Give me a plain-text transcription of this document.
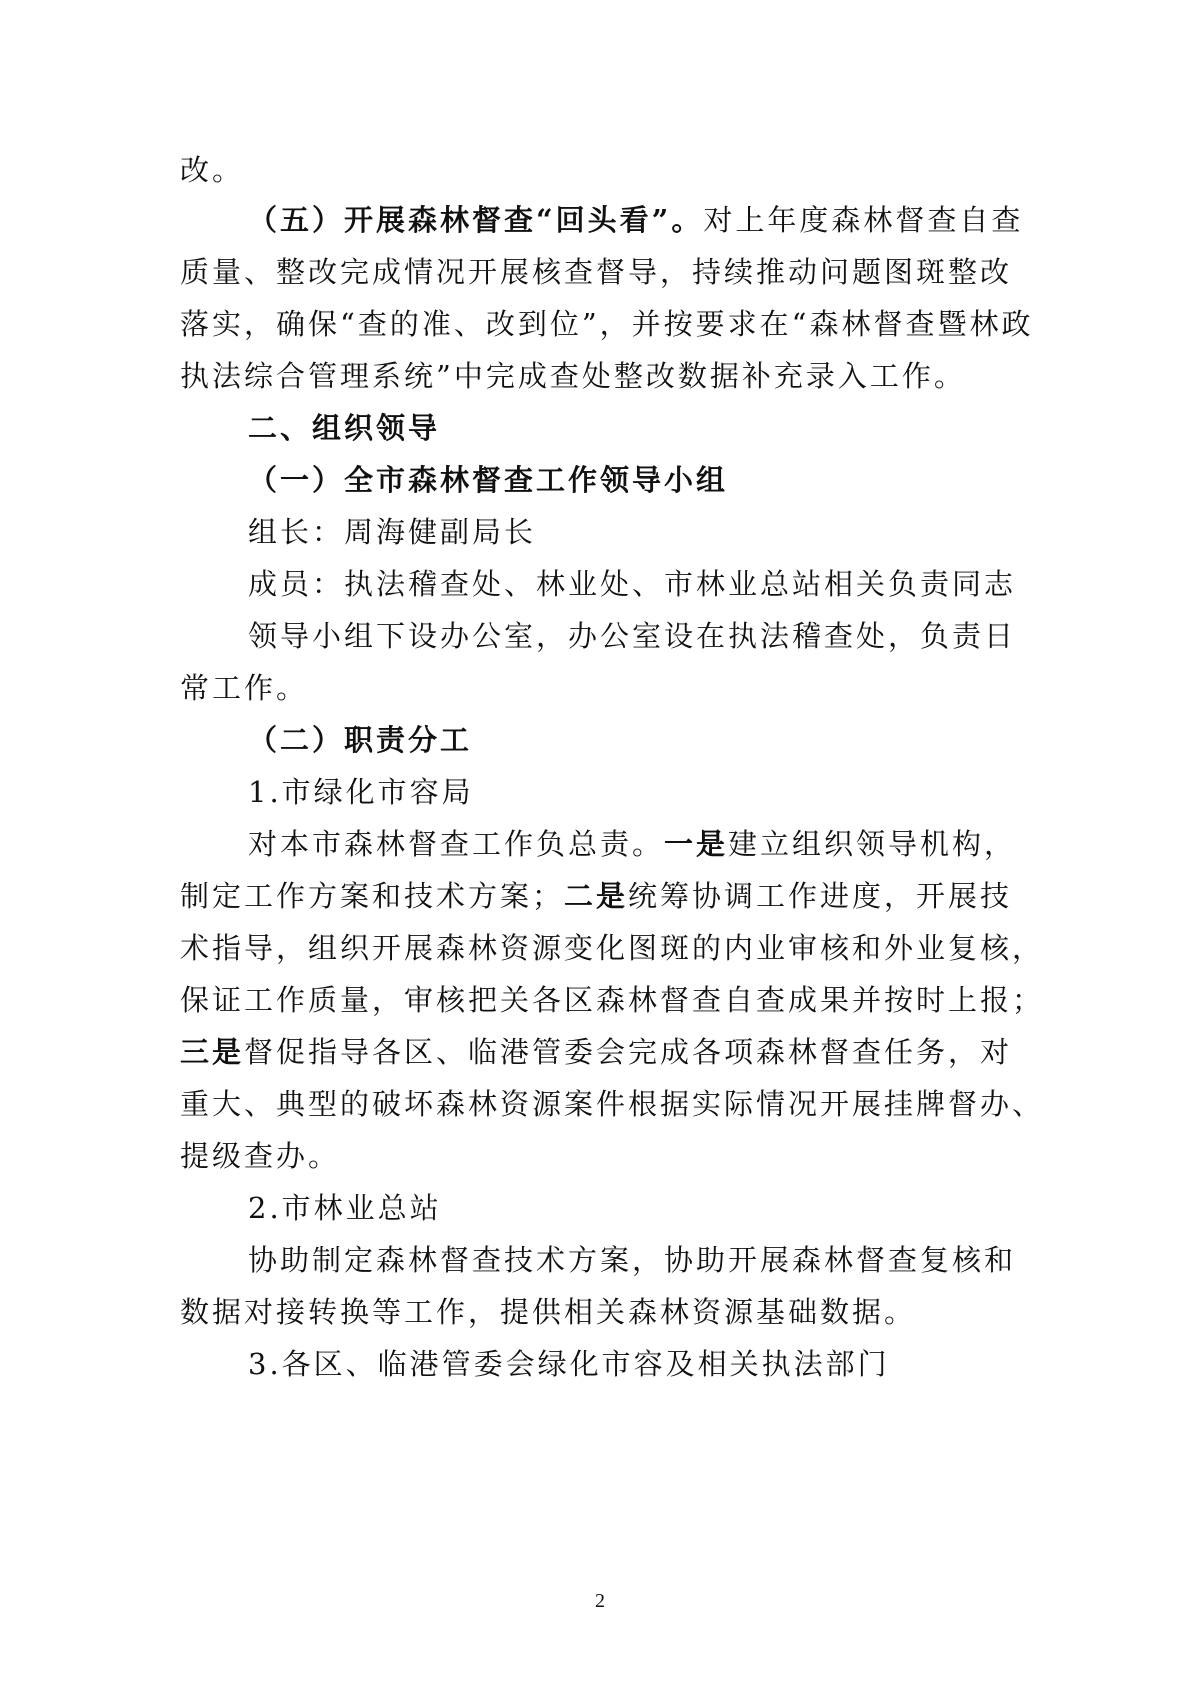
改。
（五）开展森林督查“回头看”。对上年度森林督查自查
质量、整改完成情况开展核查督导，持续推动问题图斑整改
落实，确保“查的准、改到位”，并按要求在“森林督查暨林政
执法综合管理系统”中完成查处整改数据补充录入工作。
二、组织领导
（一）全市森林督查工作领导小组
组长：周海健副局长
成员：执法稽查处、林业处、市林业总站相关负责同志
领导小组下设办公室，办公室设在执法稽查处，负责日
常工作。
（二）职责分工
1.市绿化市容局
对本市森林督查工作负总责。一是建立组织领导机构，
制定工作方案和技术方案；二是统筹协调工作进度，开展技
术指导，组织开展森林资源变化图斑的内业审核和外业复核，
保证工作质量，审核把关各区森林督查自查成果并按时上报；
三是督促指导各区、临港管委会完成各项森林督查任务，对
重大、典型的破坏森林资源案件根据实际情况开展挂牌督办、
提级查办。
2.市林业总站
协助制定森林督查技术方案，协助开展森林督查复核和
数据对接转换等工作，提供相关森林资源基础数据。
3.各区、临港管委会绿化市容及相关执法部门
2
